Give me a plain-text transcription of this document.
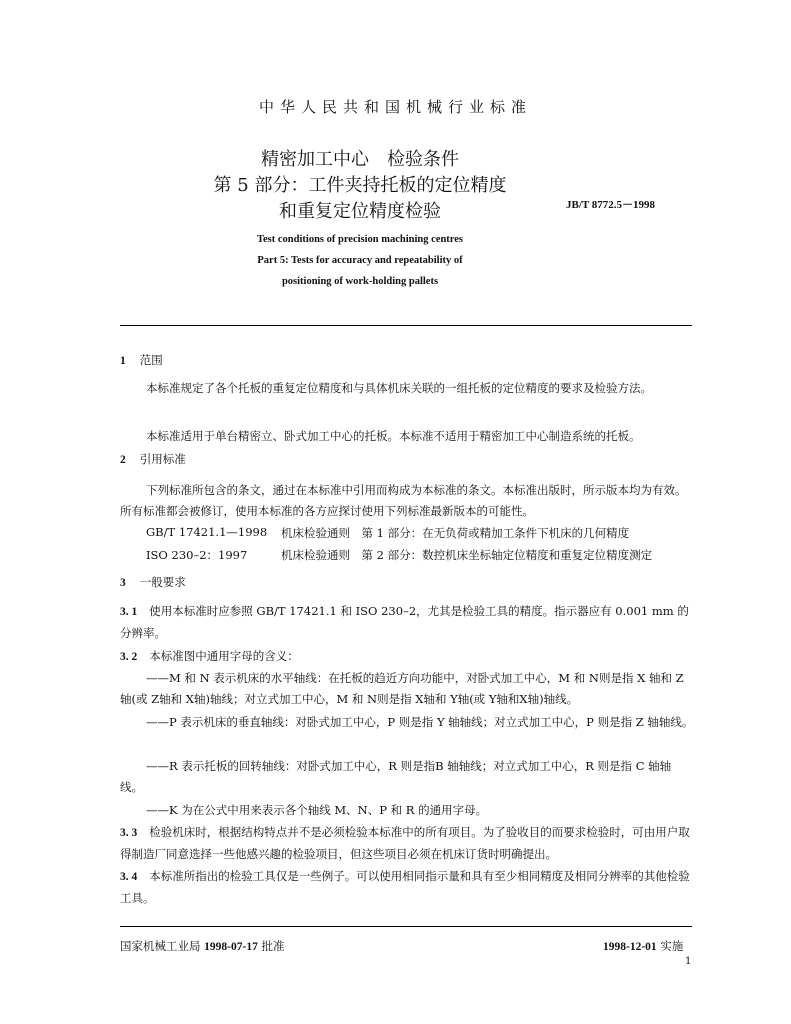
中华人民共和国机械行业标准
精密加工中心　检验条件
第 5 部分：工件夹持托板的定位精度
和重复定位精度检验	JB/T 8772.5－1998
Test conditions of precision machining centres
Part 5: Tests for accuracy and repeatability of
positioning of work-holding pallets
1 范围
本标准规定了各个托板的重复定位精度和与具体机床关联的一组托板的定位精度的要求及检验方法。
本标准适用于单台精密立、卧式加工中心的托板。本标准不适用于精密加工中心制造系统的托板。
2 引用标准
下列标准所包含的条文，通过在本标准中引用而构成为本标准的条文。本标准出版时，所示版本均为有效。所有标准都会被修订，使用本标准的各方应探讨使用下列标准最新版本的可能性。
GB/T 17421.1—1998 机床检验通则　第 1 部分：在无负荷或精加工条件下机床的几何精度
ISO 230–2：1997	机床检验通则　第 2 部分：数控机床坐标轴定位精度和重复定位精度测定
3 一般要求
3. 1 使用本标准时应参照 GB/T 17421.1 和 ISO 230–2，尤其是检验工具的精度。指示器应有 0.001 mm 的分辨率。
3. 2 本标准图中通用字母的含义：
——M 和 N 表示机床的水平轴线：在托板的趋近方向功能中，对卧式加工中心，M 和 N则是指 X 轴和 Z轴(或 Z轴和 X轴)轴线；对立式加工中心，M 和 N则是指 X轴和 Y轴(或 Y轴和X轴)轴线。
——P 表示机床的垂直轴线：对卧式加工中心，P 则是指 Y 轴轴线；对立式加工中心，P 则是指 Z 轴轴线。
——R 表示托板的回转轴线：对卧式加工中心，R 则是指B 轴轴线；对立式加工中心，R 则是指 C 轴轴线。
——K 为在公式中用来表示各个轴线 M、N、P 和 R 的通用字母。
3. 3 检验机床时，根据结构特点并不是必须检验本标准中的所有项目。为了验收目的而要求检验时，可由用户取得制造厂同意选择一些他感兴趣的检验项目，但这些项目必须在机床订货时明确提出。
3. 4 本标准所指出的检验工具仅是一些例子。可以使用相同指示量和具有至少相同精度及相同分辨率的其他检验工具。
国家机械工业局 1998-07-17 批准	1998-12-01 实施
1
